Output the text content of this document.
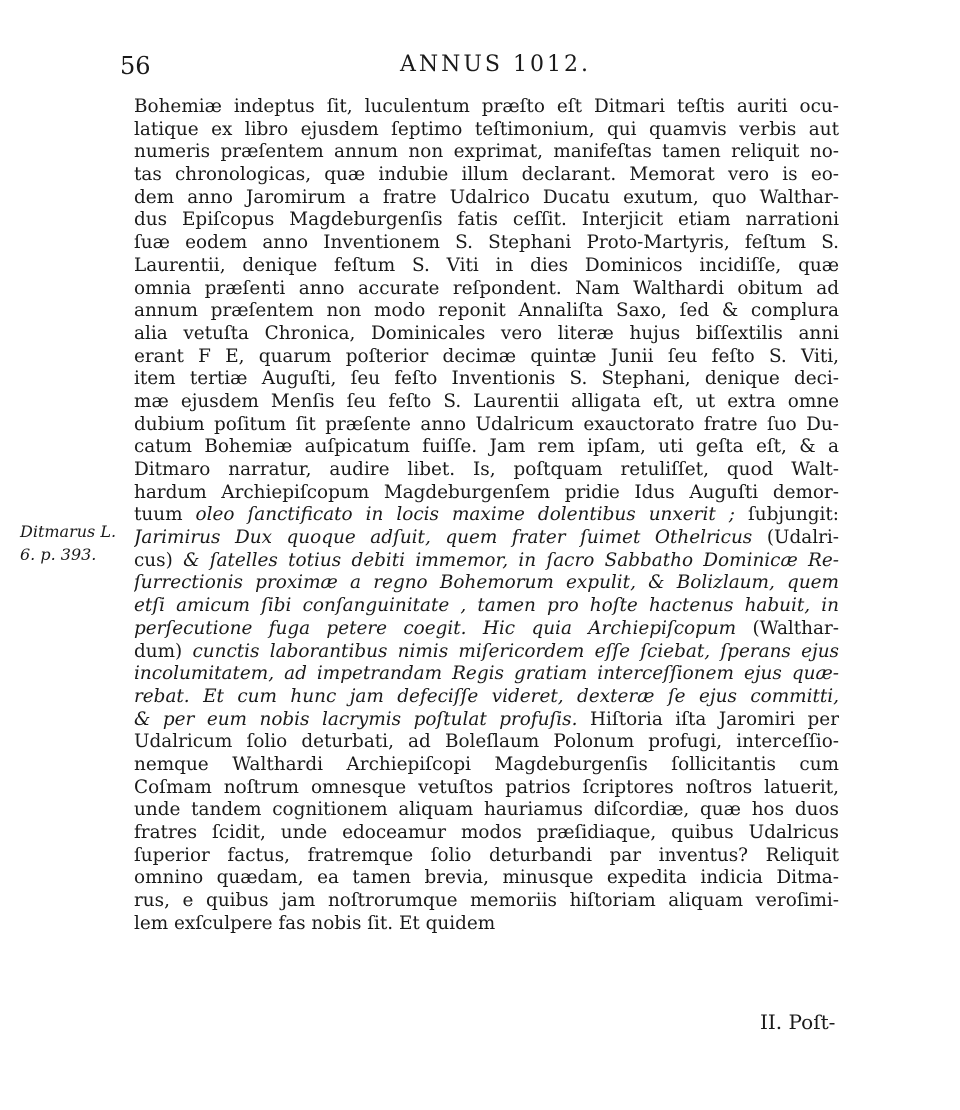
56	ANNUS 1012.
Ditmarus L.
6. p. 393.
Bohemiæ indeptus ſit, luculentum præſto eſt Ditmari teſtis auriti ocu-
latique ex libro ejusdem ſeptimo teſtimonium, qui quamvis verbis aut
numeris præſentem annum non exprimat, manifeſtas tamen reliquit no-
tas chronologicas, quæ indubie illum declarant. Memorat vero is eo-
dem anno Jaromirum a fratre Udalrico Ducatu exutum, quo Walthar-
dus Epiſcopus Magdeburgenſis fatis ceſſit. Interjicit etiam narrationi
ſuæ eodem anno Inventionem S. Stephani Proto-Martyris, feſtum S.
Laurentii, denique feſtum S. Viti in dies Dominicos incidiſſe, quæ
omnia præſenti anno accurate reſpondent. Nam Walthardi obitum ad
annum præſentem non modo reponit Annaliſta Saxo, ſed & complura
alia vetuſta Chronica, Dominicales vero literæ hujus biſſextilis anni
erant F E, quarum poſterior decimæ quintæ Junii ſeu feſto S. Viti,
item tertiæ Auguſti, ſeu feſto Inventionis S. Stephani, denique deci-
mæ ejusdem Menſis ſeu feſto S. Laurentii alligata eſt, ut extra omne
dubium poſitum ſit præſente anno Udalricum exauctorato fratre ſuo Du-
catum Bohemiæ auſpicatum fuiſſe. Jam rem ipſam, uti geſta eſt, & a
Ditmaro narratur, audire libet. Is, poſtquam retuliſſet, quod Walt-
hardum Archiepiſcopum Magdeburgenſem pridie Idus Auguſti demor-
tuum oleo ſanctificato in locis maxime dolentibus unxerit ; ſubjungit:
Jarimirus Dux quoque adſuit, quem frater ſuimet Othelricus (Udalri-
cus) & ſatelles totius debiti immemor, in ſacro Sabbatho Dominicæ Re-
ſurrectionis proximæ a regno Bohemorum expulit, & Bolizlaum, quem
etſi amicum ſibi conſanguinitate , tamen pro hoſte hactenus habuit, in
perſecutione fuga petere coegit. Hic quia Archiepiſcopum (Walthar-
dum) cunctis laborantibus nimis miſericordem eſſe ſciebat, ſperans ejus
incolumitatem, ad impetrandam Regis gratiam interceſſionem ejus quæ-
rebat. Et cum hunc jam defeciſſe videret, dexteræ ſe ejus committi,
& per eum nobis lacrymis poſtulat profuſis. Hiſtoria iſta Jaromiri per
Udalricum ſolio deturbati, ad Boleſlaum Polonum profugi, interceſſio-
nemque Walthardi Archiepiſcopi Magdeburgenſis ſollicitantis cum
Coſmam noſtrum omnesque vetuſtos patrios ſcriptores noſtros latuerit,
unde tandem cognitionem aliquam hauriamus diſcordiæ, quæ hos duos
fratres ſcidit, unde edoceamur modos præſidiaque, quibus Udalricus
ſuperior factus, fratremque ſolio deturbandi par inventus? Reliquit
omnino quædam, ea tamen brevia, minusque expedita indicia Ditma-
rus, e quibus jam noſtrorumque memoriis hiſtoriam aliquam veroſimi-
lem exſculpere fas nobis ſit. Et quidem
II. Poſt-
